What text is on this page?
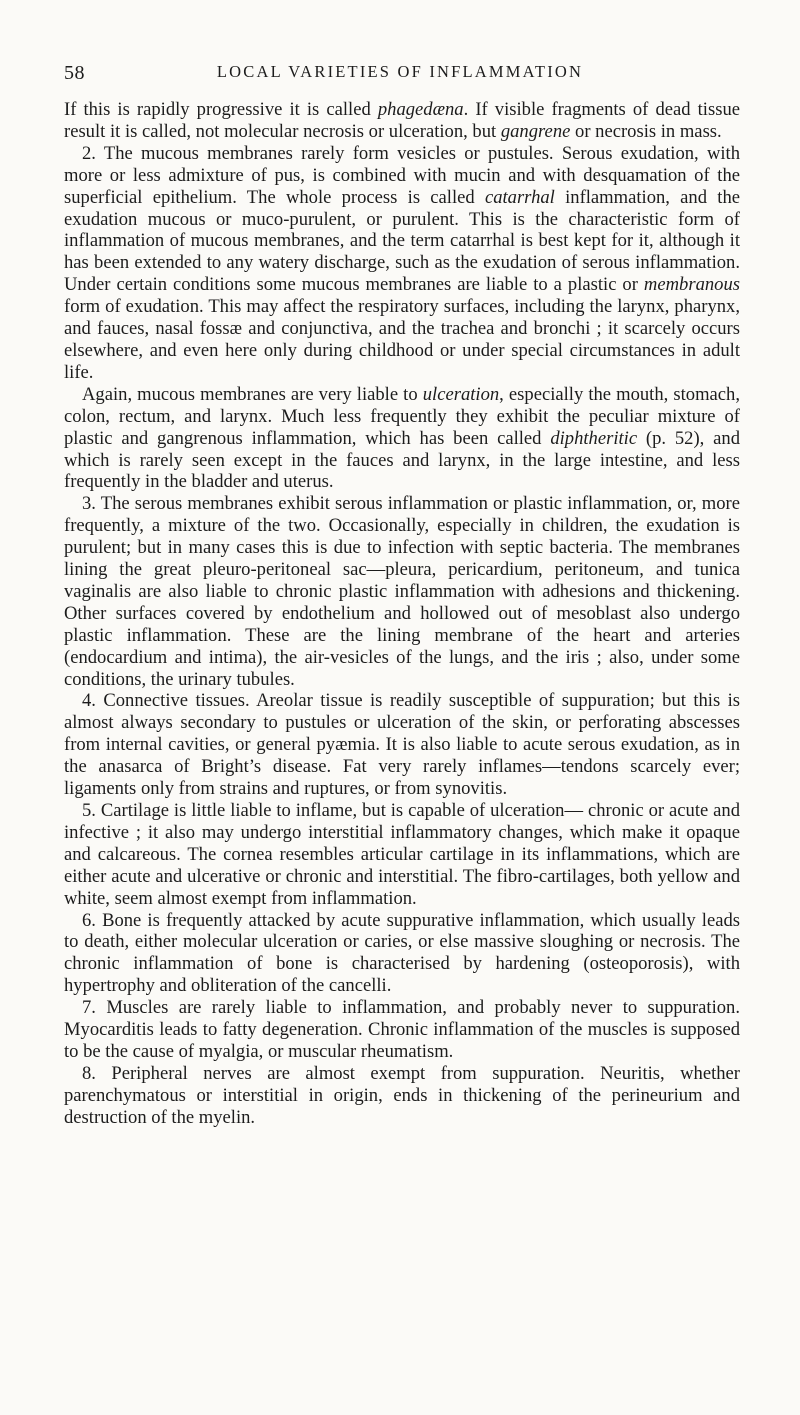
58	LOCAL VARIETIES OF INFLAMMATION

If this is rapidly progressive it is called phagedæna. If visible fragments of dead tissue result it is called, not molecular necrosis or ulceration, but gangrene or necrosis in mass.

2. The mucous membranes rarely form vesicles or pustules. Serous exudation, with more or less admixture of pus, is combined with mucin and with desquamation of the superficial epithelium. The whole process is called catarrhal inflammation, and the exudation mucous or muco-purulent, or purulent. This is the characteristic form of inflammation of mucous membranes, and the term catarrhal is best kept for it, although it has been extended to any watery discharge, such as the exudation of serous inflammation. Under certain conditions some mucous membranes are liable to a plastic or membranous form of exudation. This may affect the respiratory surfaces, including the larynx, pharynx, and fauces, nasal fossæ and conjunctiva, and the trachea and bronchi ; it scarcely occurs elsewhere, and even here only during childhood or under special circumstances in adult life.

Again, mucous membranes are very liable to ulceration, especially the mouth, stomach, colon, rectum, and larynx. Much less frequently they exhibit the peculiar mixture of plastic and gangrenous inflammation, which has been called diphtheritic (p. 52), and which is rarely seen except in the fauces and larynx, in the large intestine, and less frequently in the bladder and uterus.

3. The serous membranes exhibit serous inflammation or plastic inflammation, or, more frequently, a mixture of the two. Occasionally, especially in children, the exudation is purulent; but in many cases this is due to infection with septic bacteria. The membranes lining the great pleuro-peritoneal sac—pleura, pericardium, peritoneum, and tunica vaginalis are also liable to chronic plastic inflammation with adhesions and thickening. Other surfaces covered by endothelium and hollowed out of mesoblast also undergo plastic inflammation. These are the lining membrane of the heart and arteries (endocardium and intima), the air-vesicles of the lungs, and the iris ; also, under some conditions, the urinary tubules.

4. Connective tissues. Areolar tissue is readily susceptible of suppuration; but this is almost always secondary to pustules or ulceration of the skin, or perforating abscesses from internal cavities, or general pyæmia. It is also liable to acute serous exudation, as in the anasarca of Bright’s disease. Fat very rarely inflames—tendons scarcely ever; ligaments only from strains and ruptures, or from synovitis.

5. Cartilage is little liable to inflame, but is capable of ulceration— chronic or acute and infective ; it also may undergo interstitial inflammatory changes, which make it opaque and calcareous. The cornea resembles articular cartilage in its inflammations, which are either acute and ulcerative or chronic and interstitial. The fibro-cartilages, both yellow and white, seem almost exempt from inflammation.

6. Bone is frequently attacked by acute suppurative inflammation, which usually leads to death, either molecular ulceration or caries, or else massive sloughing or necrosis. The chronic inflammation of bone is characterised by hardening (osteoporosis), with hypertrophy and obliteration of the cancelli.

7. Muscles are rarely liable to inflammation, and probably never to suppuration. Myocarditis leads to fatty degeneration. Chronic inflammation of the muscles is supposed to be the cause of myalgia, or muscular rheumatism.

8. Peripheral nerves are almost exempt from suppuration. Neuritis, whether parenchymatous or interstitial in origin, ends in thickening of the perineurium and destruction of the myelin.
